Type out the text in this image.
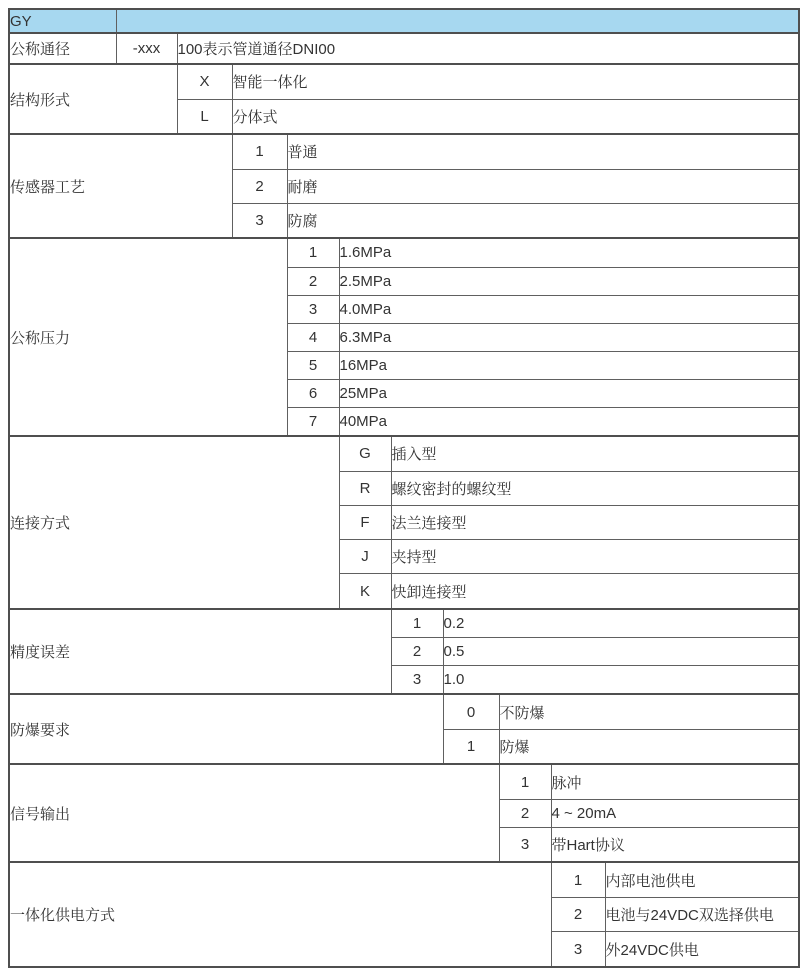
GY										
公称通径	-xxx	100表示管道通径DNI00								
结构形式		X	智能一体化							
		L	分体式							
传感器工艺			1	普通						
			2	耐磨						
			3	防腐						
公称压力				1	1.6MPa					
				2	2.5MPa					
				3	4.0MPa					
				4	6.3MPa					
				5	16MPa					
				6	25MPa					
				7	40MPa					
连接方式					G	插入型				
					R	螺纹密封的螺纹型				
					F	法兰连接型				
					J	夹持型				
					K	快卸连接型				
精度误差						1	0.2			
						2	0.5			
						3	1.0			
防爆要求							0	不防爆		
							1	防爆		
信号输出								1	脉冲	
								2	4 ~ 20mA	
								3	带Hart协议	
一体化供电方式									1	内部电池供电
									2	电池与24VDC双选择供电
									3	外24VDC供电
